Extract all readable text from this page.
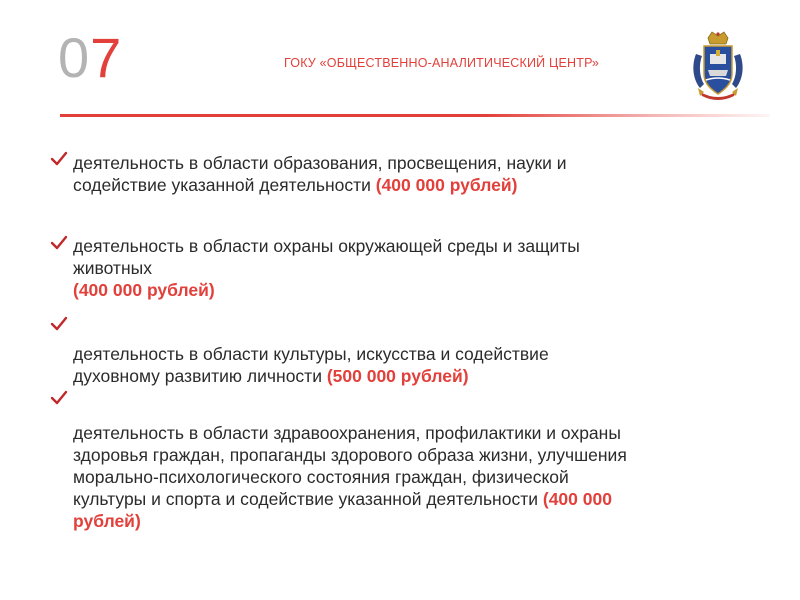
07	ГОКУ «ОБЩЕСТВЕННО-АНАЛИТИЧЕСКИЙ ЦЕНТР»
деятельность в области образования, просвещения, науки и
содействие указанной деятельности (400 000 рублей)
деятельность в области охраны окружающей среды и защиты
животных
(400 000 рублей)
деятельность в области культуры, искусства и содействие
духовному развитию личности (500 000 рублей)
деятельность в области здравоохранения, профилактики и охраны
здоровья граждан, пропаганды здорового образа жизни, улучшения
морально-психологического состояния граждан, физической
культуры и спорта и содействие указанной деятельности (400 000
рублей)
